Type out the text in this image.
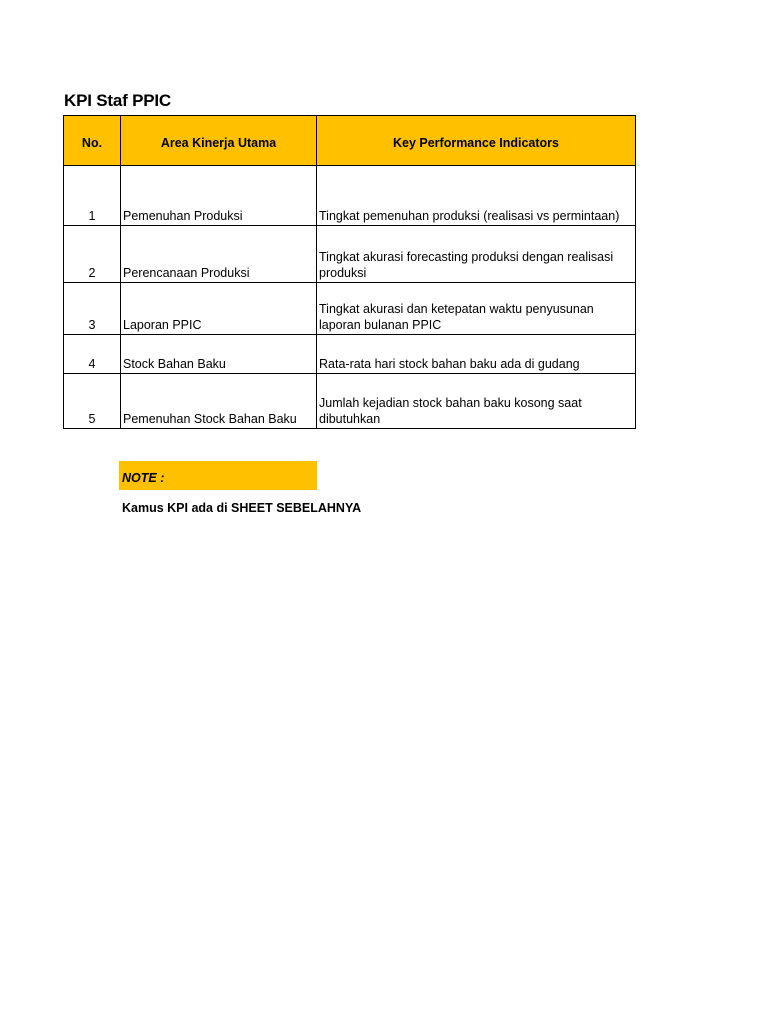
KPI Staf PPIC
No.	Area Kinerja Utama	Key Performance Indicators
1	Pemenuhan Produksi	Tingkat pemenuhan produksi (realisasi vs permintaan)
2	Perencanaan Produksi	Tingkat akurasi forecasting produksi dengan realisasi produksi
3	Laporan PPIC	Tingkat akurasi dan ketepatan waktu penyusunan laporan bulanan PPIC
4	Stock Bahan Baku	Rata-rata hari stock bahan baku ada di gudang
5	Pemenuhan Stock Bahan Baku	Jumlah kejadian stock bahan baku kosong saat dibutuhkan
NOTE :
Kamus KPI ada di SHEET SEBELAHNYA
